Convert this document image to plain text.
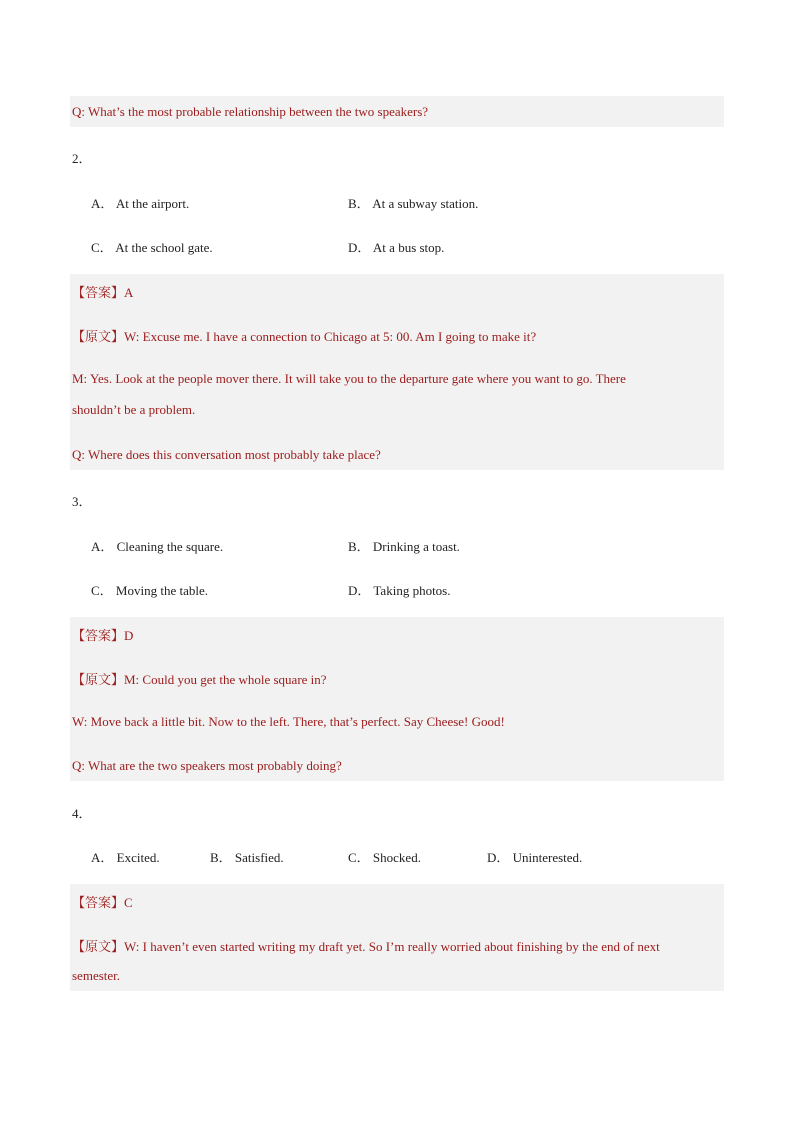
Q: What’s the most probable relationship between the two speakers?
2．
A． At the airport.	B． At a subway station.
C． At the school gate.	D． At a bus stop.
【答案】A
【原文】W: Excuse me. I have a connection to Chicago at 5: 00. Am I going to make it?
M: Yes. Look at the people mover there. It will take you to the departure gate where you want to go. There
shouldn’t be a problem.
Q: Where does this conversation most probably take place?
3．
A． Cleaning the square.	B． Drinking a toast.
C． Moving the table.	D． Taking photos.
【答案】D
【原文】M: Could you get the whole square in?
W: Move back a little bit. Now to the left. There, that’s perfect. Say Cheese! Good!
Q: What are the two speakers most probably doing?
4．
A． Excited.	B． Satisfied.	C． Shocked.	D． Uninterested.
【答案】C
【原文】W: I haven’t even started writing my draft yet. So I’m really worried about finishing by the end of next
semester.
